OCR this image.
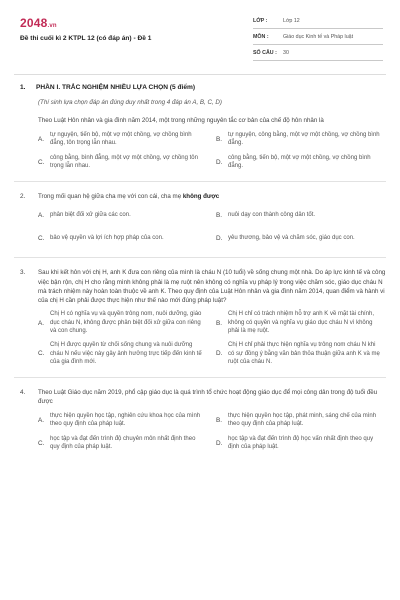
2048.vn
Đề thi cuối kì 2 KTPL 12 (có đáp án) - Đề 1
LỚP :	Lớp 12
MÔN :	Giáo dục Kinh tế và Pháp luật
SỐ CÂU :	30
1.	PHẦN I. TRẮC NGHIỆM NHIỀU LỰA CHỌN (5 điểm)
(Thí sinh lựa chọn đáp án đúng duy nhất trong 4 đáp án A, B, C, D)
Theo Luật Hôn nhân và gia đình năm 2014, một trong những nguyên tắc cơ bản của chế độ hôn nhân là
A.
tự nguyện, tiến bộ, một vợ một chồng, vợ chồng bình đẳng, tôn trọng lẫn nhau.
B.
tự nguyện, công bằng, một vợ một chồng, vợ chồng bình đẳng.
C.
công bằng, bình đẳng, một vợ một chồng, vợ chồng tôn trọng lẫn nhau.
D.
công bằng, tiến bộ, một vợ một chồng, vợ chồng bình đẳng.
2.	Trong mối quan hệ giữa cha mẹ với con cái, cha mẹ không được
A. phân biệt đối xử giữa các con.	B. nuôi dạy con thành công dân tốt.
C. bảo vệ quyền và lợi ích hợp pháp của con.	D. yêu thương, bảo vệ và chăm sóc, giáo dục con.
3.	Sau khi kết hôn với chị H, anh K đưa con riêng của mình là cháu N (10 tuổi) về sống chung một nhà. Do áp lực kinh tế và công việc bận rộn, chị H cho rằng mình không phải là mẹ ruột nên không có nghĩa vụ pháp lý trong việc chăm sóc, giáo dục cháu N mà trách nhiệm này hoàn toàn thuộc về anh K. Theo quy định của Luật Hôn nhân và gia đình năm 2014, quan điểm và hành vi của chị H cần phải được thực hiện như thế nào mới đúng pháp luật?
A.
Chị H có nghĩa vụ và quyền trông nom, nuôi dưỡng, giáo dục cháu N, không được phân biệt đối xử giữa con riêng và con chung.
B.
Chị H chỉ có trách nhiệm hỗ trợ anh K về mặt tài chính, không có quyền và nghĩa vụ giáo dục cháu N vì không phải là mẹ ruột.
C.
Chị H được quyền từ chối sống chung và nuôi dưỡng cháu N nếu việc này gây ảnh hưởng trực tiếp đến kinh tế của gia đình mới.
D.
Chị H chỉ phải thực hiện nghĩa vụ trông nom cháu N khi có sự đồng ý bằng văn bản thỏa thuận giữa anh K và mẹ ruột của cháu N.
4.	Theo Luật Giáo dục năm 2019, phổ cập giáo dục là quá trình tổ chức hoạt động giáo dục để mọi công dân trong độ tuổi đều được
A.
thực hiện quyền học tập, nghiên cứu khoa học của mình theo quy định của pháp luật.
B.
thực hiện quyền học tập, phát minh, sáng chế của mình theo quy định của pháp luật.
C.
học tập và đạt đến trình độ chuyên môn nhất định theo quy định của pháp luật.
D.
học tập và đạt đến trình độ học vấn nhất định theo quy định của pháp luật.
